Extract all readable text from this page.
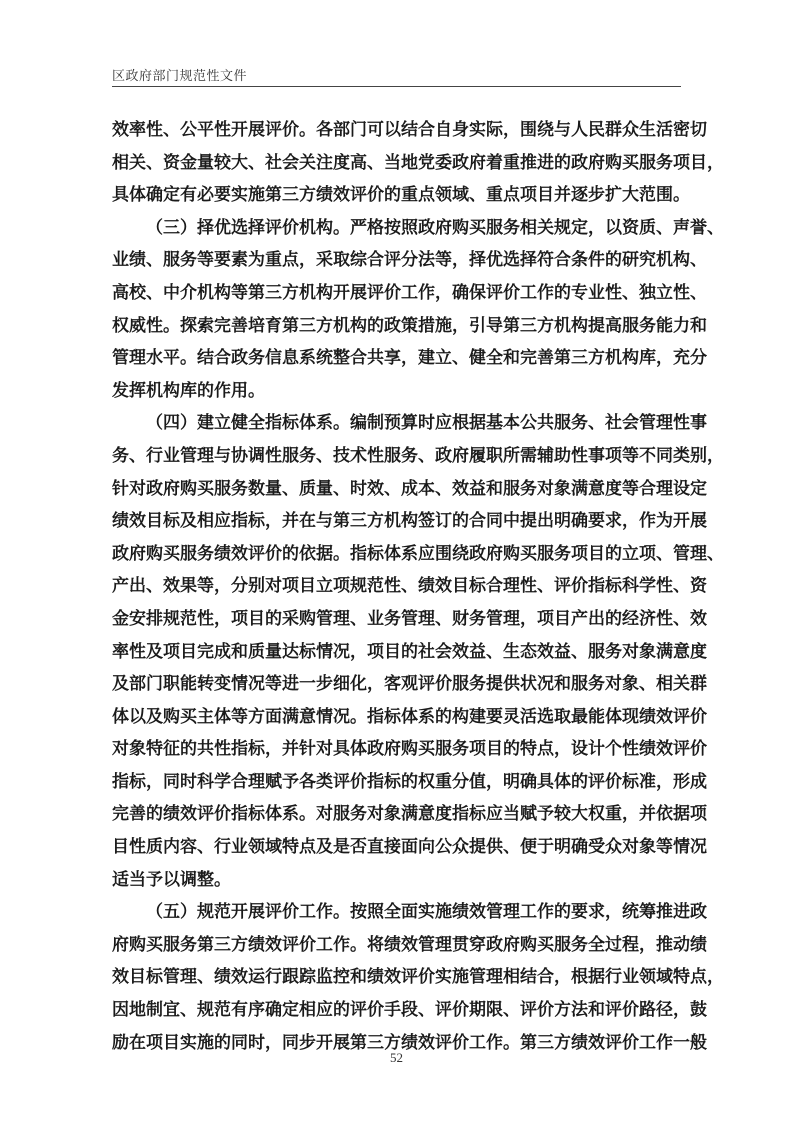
区政府部门规范性文件
效率性、公平性开展评价。各部门可以结合自身实际，围绕与人民群众生活密切
相关、资金量较大、社会关注度高、当地党委政府着重推进的政府购买服务项目，
具体确定有必要实施第三方绩效评价的重点领域、重点项目并逐步扩大范围。
（三）择优选择评价机构。严格按照政府购买服务相关规定，以资质、声誉、
业绩、服务等要素为重点，采取综合评分法等，择优选择符合条件的研究机构、
高校、中介机构等第三方机构开展评价工作，确保评价工作的专业性、独立性、
权威性。探索完善培育第三方机构的政策措施，引导第三方机构提高服务能力和
管理水平。结合政务信息系统整合共享，建立、健全和完善第三方机构库，充分
发挥机构库的作用。
（四）建立健全指标体系。编制预算时应根据基本公共服务、社会管理性事
务、行业管理与协调性服务、技术性服务、政府履职所需辅助性事项等不同类别，
针对政府购买服务数量、质量、时效、成本、效益和服务对象满意度等合理设定
绩效目标及相应指标，并在与第三方机构签订的合同中提出明确要求，作为开展
政府购买服务绩效评价的依据。指标体系应围绕政府购买服务项目的立项、管理、
产出、效果等，分别对项目立项规范性、绩效目标合理性、评价指标科学性、资
金安排规范性，项目的采购管理、业务管理、财务管理，项目产出的经济性、效
率性及项目完成和质量达标情况，项目的社会效益、生态效益、服务对象满意度
及部门职能转变情况等进一步细化，客观评价服务提供状况和服务对象、相关群
体以及购买主体等方面满意情况。指标体系的构建要灵活选取最能体现绩效评价
对象特征的共性指标，并针对具体政府购买服务项目的特点，设计个性绩效评价
指标，同时科学合理赋予各类评价指标的权重分值，明确具体的评价标准，形成
完善的绩效评价指标体系。对服务对象满意度指标应当赋予较大权重，并依据项
目性质内容、行业领域特点及是否直接面向公众提供、便于明确受众对象等情况
适当予以调整。
（五）规范开展评价工作。按照全面实施绩效管理工作的要求，统筹推进政
府购买服务第三方绩效评价工作。将绩效管理贯穿政府购买服务全过程，推动绩
效目标管理、绩效运行跟踪监控和绩效评价实施管理相结合，根据行业领域特点，
因地制宜、规范有序确定相应的评价手段、评价期限、评价方法和评价路径，鼓
励在项目实施的同时，同步开展第三方绩效评价工作。第三方绩效评价工作一般
52
